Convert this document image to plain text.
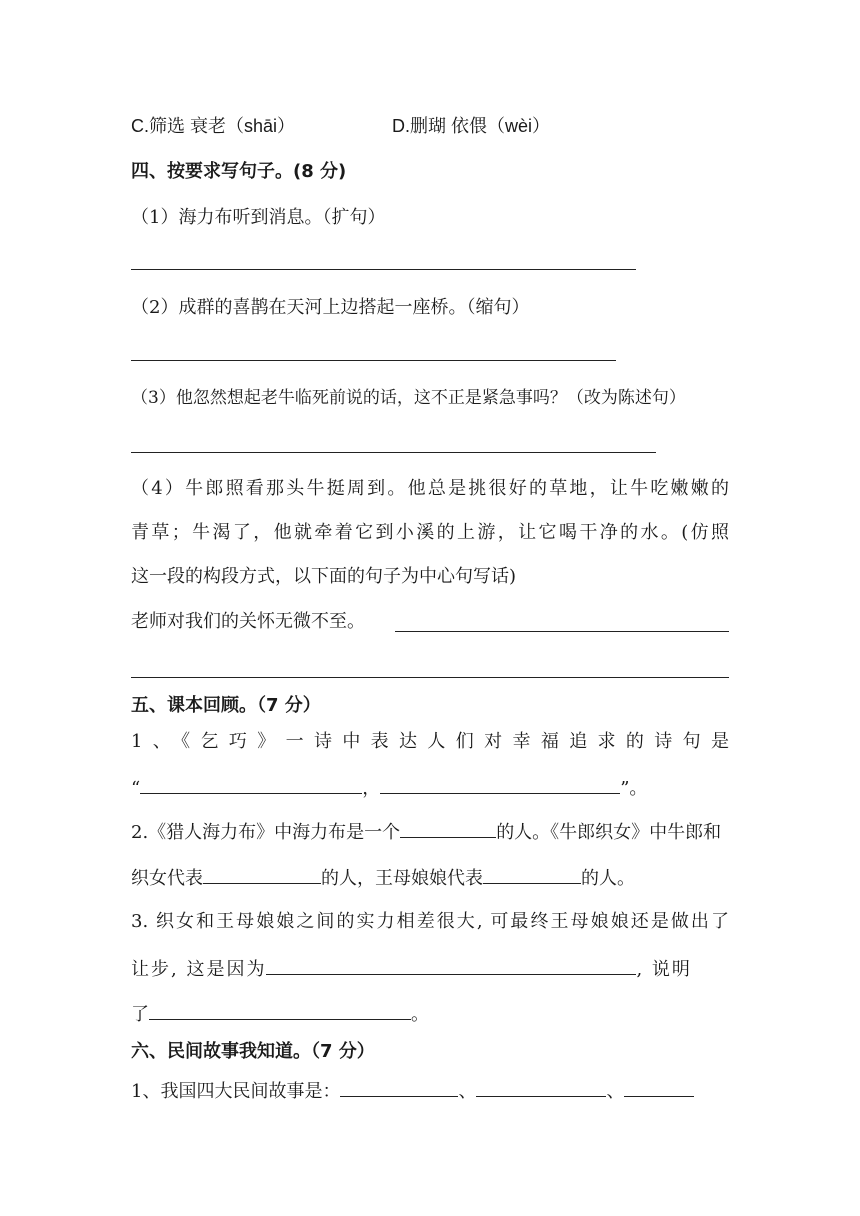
C.筛选 衰老（shāi）	D.删瑚 依偎（wèi）
四、按要求写句子。(8 分)
（1）海力布听到消息。（扩句）
（2）成群的喜鹊在天河上边搭起一座桥。（缩句）
（3）他忽然想起老牛临死前说的话，这不正是紧急事吗？（改为陈述句）
（4）牛郎照看那头牛挺周到。他总是挑很好的草地，让牛吃嫩嫩的
青草；牛渴了，他就牵着它到小溪的上游，让它喝干净的水。(仿照
这一段的构段方式，以下面的句子为中心句写话)
老师对我们的关怀无微不至。
五、课本回顾。（7 分）
1、《乞巧》一诗中表达人们对幸福追求的诗句是
“	，	”。
2.《猎人海力布》中海力布是一个	的人。《牛郎织女》中牛郎和
织女代表	的人，王母娘娘代表	的人。
3. 织女和王母娘娘之间的实力相差很大, 可最终王母娘娘还是做出了
让步, 这是因为	, 说明
了	。
六、民间故事我知道。（7 分）
1、我国四大民间故事是：	、	、
